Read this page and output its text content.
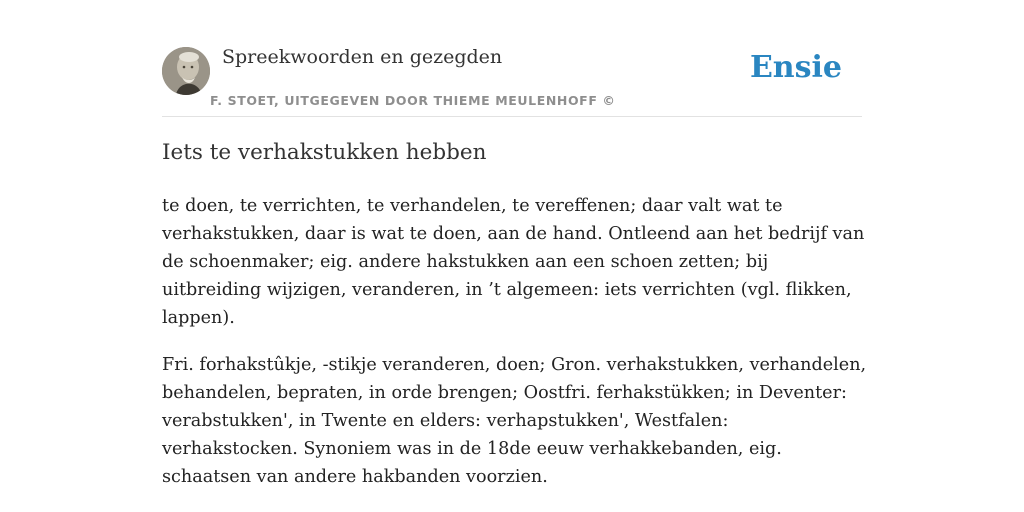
Spreekwoorden en gezegden
F. STOET, UITGEGEVEN DOOR THIEME MEULENHOFF ©
Ensie
Iets te verhakstukken hebben

te doen, te verrichten, te verhandelen, te vereffenen; daar valt wat te verhakstukken, daar is wat te doen, aan de hand. Ontleend aan het bedrijf van de schoenmaker; eig. andere hakstukken aan een schoen zetten; bij uitbreiding wijzigen, veranderen, in ’t algemeen: iets verrichten (vgl. flikken, lappen).

Fri. forhakstûkje, -stikje veranderen, doen; Gron. verhakstukken, verhandelen, behandelen, bepraten, in orde brengen; Oostfri. ferhakstükken; in Deventer: verabstukken', in Twente en elders: verhapstukken', Westfalen: verhakstocken. Synoniem was in de 18de eeuw verhakkebanden, eig. schaatsen van andere hakbanden voorzien.
